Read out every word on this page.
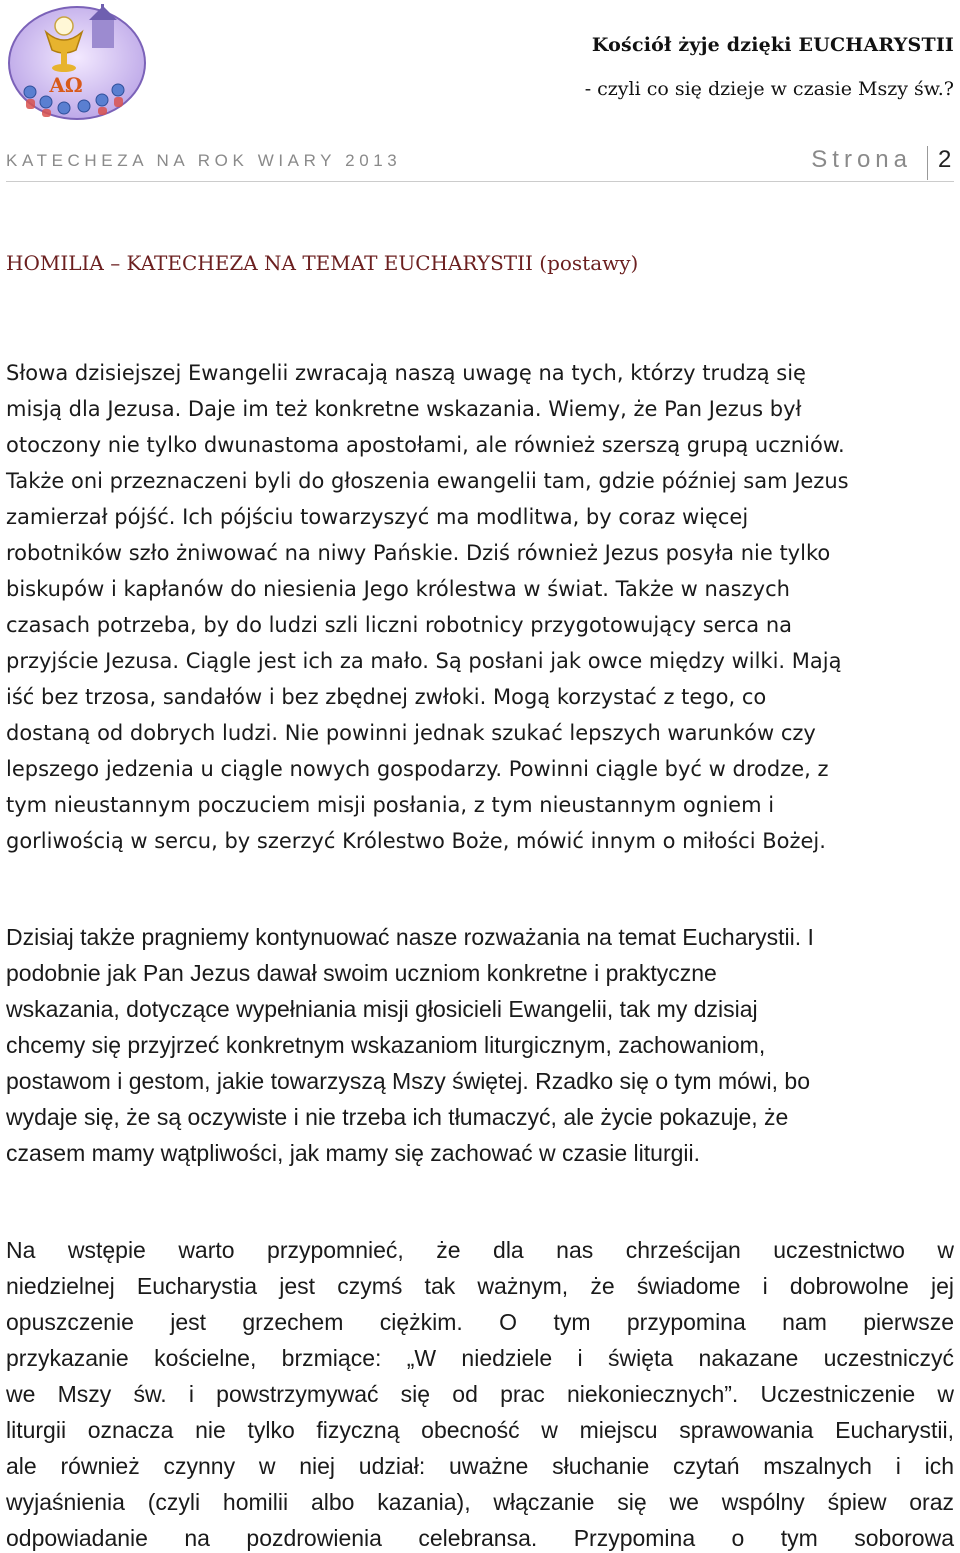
AΩ
Kościół żyje dzięki EUCHARYSTII
- czyli co się dzieje w czasie Mszy św.?
KATECHEZA NA ROK WIARY 2013	Strona 2
HOMILIA – KATECHEZA NA TEMAT EUCHARYSTII (postawy)

Słowa dzisiejszej Ewangelii zwracają naszą uwagę na tych, którzy trudzą się

misją dla Jezusa. Daje im też konkretne wskazania. Wiemy, że Pan Jezus był

otoczony nie tylko dwunastoma apostołami, ale również szerszą grupą uczniów.

Także oni przeznaczeni byli do głoszenia ewangelii tam, gdzie później sam Jezus

zamierzał pójść. Ich pójściu towarzyszyć ma modlitwa, by coraz więcej

robotników szło żniwować na niwy Pańskie. Dziś również Jezus posyła nie tylko

biskupów i kapłanów do niesienia Jego królestwa w świat. Także w naszych

czasach potrzeba, by do ludzi szli liczni robotnicy przygotowujący serca na

przyjście Jezusa. Ciągle jest ich za mało. Są posłani jak owce między wilki. Mają

iść bez trzosa, sandałów i bez zbędnej zwłoki. Mogą korzystać z tego, co

dostaną od dobrych ludzi. Nie powinni jednak szukać lepszych warunków czy

lepszego jedzenia u ciągle nowych gospodarzy. Powinni ciągle być w drodze, z

tym nieustannym poczuciem misji posłania, z tym nieustannym ogniem i

gorliwością w sercu, by szerzyć Królestwo Boże, mówić innym o miłości Bożej.

Dzisiaj także pragniemy kontynuować nasze rozważania na temat Eucharystii. I

podobnie jak Pan Jezus dawał swoim uczniom konkretne i praktyczne

wskazania, dotyczące wypełniania misji głosicieli Ewangelii, tak my dzisiaj

chcemy się przyjrzeć konkretnym wskazaniom liturgicznym, zachowaniom,

postawom i gestom, jakie towarzyszą Mszy świętej. Rzadko się o tym mówi, bo

wydaje się, że są oczywiste i nie trzeba ich tłumaczyć, ale życie pokazuje, że

czasem mamy wątpliwości, jak mamy się zachować w czasie liturgii.

Na wstępie warto przypomnieć, że dla nas chrześcijan uczestnictwo w

niedzielnej Eucharystia jest czymś tak ważnym, że świadome i dobrowolne jej

opuszczenie jest grzechem ciężkim. O tym przypomina nam pierwsze

przykazanie kościelne, brzmiące: „W niedziele i święta nakazane uczestniczyć

we Mszy św. i powstrzymywać się od prac niekoniecznych”. Uczestniczenie w

liturgii oznacza nie tylko fizyczną obecność w miejscu sprawowania Eucharystii,

ale również czynny w niej udział: uważne słuchanie czytań mszalnych i ich

wyjaśnienia (czyli homilii albo kazania), włączanie się we wspólny śpiew oraz

odpowiadanie na pozdrowienia celebransa. Przypomina o tym soborowa
